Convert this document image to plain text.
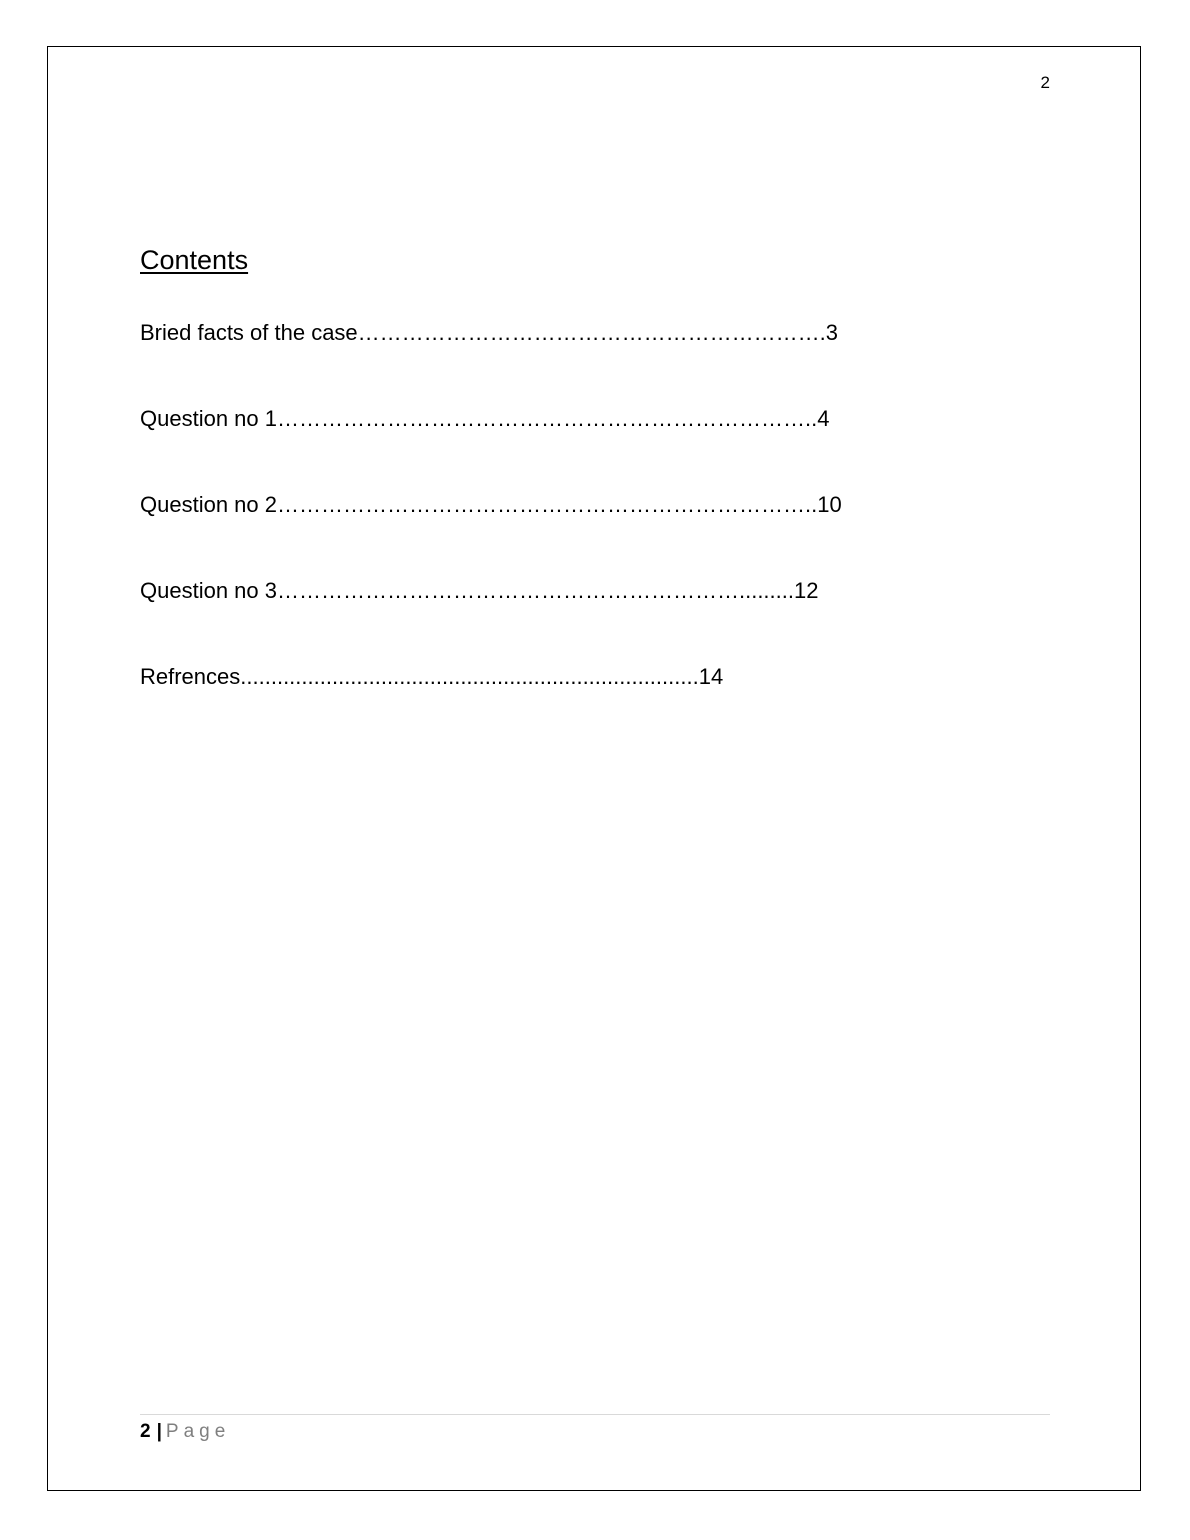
2
Contents
Bried facts of the case……………………………………………………….3
Question no 1………………………………………………………………..4
Question no 2………………………………………………………………..10
Question no 3……………………………………………………….........12
Refrences...........................................................................14
2 | Page
